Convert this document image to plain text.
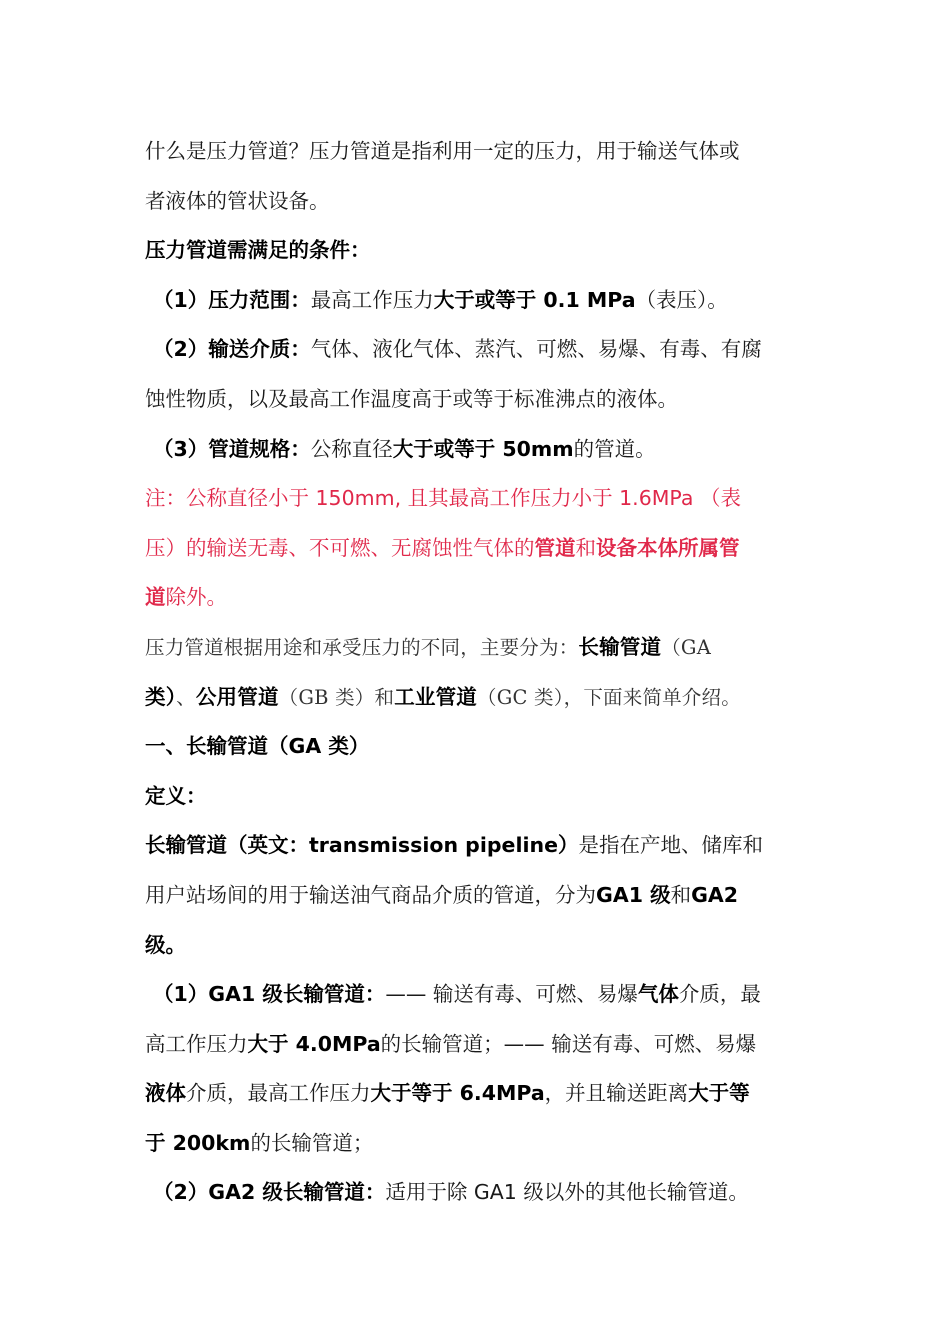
什么是压力管道？压力管道是指利用一定的压力，用于输送气体或

者液体的管状设备。

压力管道需满足的条件：

（1）压力范围：最高工作压力大于或等于 0.1 MPa（表压）。

（2）输送介质：气体、液化气体、蒸汽、可燃、易爆、有毒、有腐

蚀性物质，以及最高工作温度高于或等于标准沸点的液体。

（3）管道规格：公称直径大于或等于 50mm的管道。

注：公称直径小于 150mm, 且其最高工作压力小于 1.6MPa （表

压）的输送无毒、不可燃、无腐蚀性气体的管道和设备本体所属管

道除外。

压力管道根据用途和承受压力的不同，主要分为：长输管道（GA

类）、公用管道（GB 类）和工业管道（GC 类），下面来简单介绍。

一、长输管道（GA 类）

定义：

长输管道（英文：transmission pipeline）是指在产地、储库和

用户站场间的用于输送油气商品介质的管道，分为GA1 级和GA2

级。

（1）GA1 级长输管道：—— 输送有毒、可燃、易爆气体介质，最

高工作压力大于 4.0MPa的长输管道；—— 输送有毒、可燃、易爆

液体介质，最高工作压力大于等于 6.4MPa，并且输送距离大于等

于 200km的长输管道；

（2）GA2 级长输管道：适用于除 GA1 级以外的其他长输管道。
